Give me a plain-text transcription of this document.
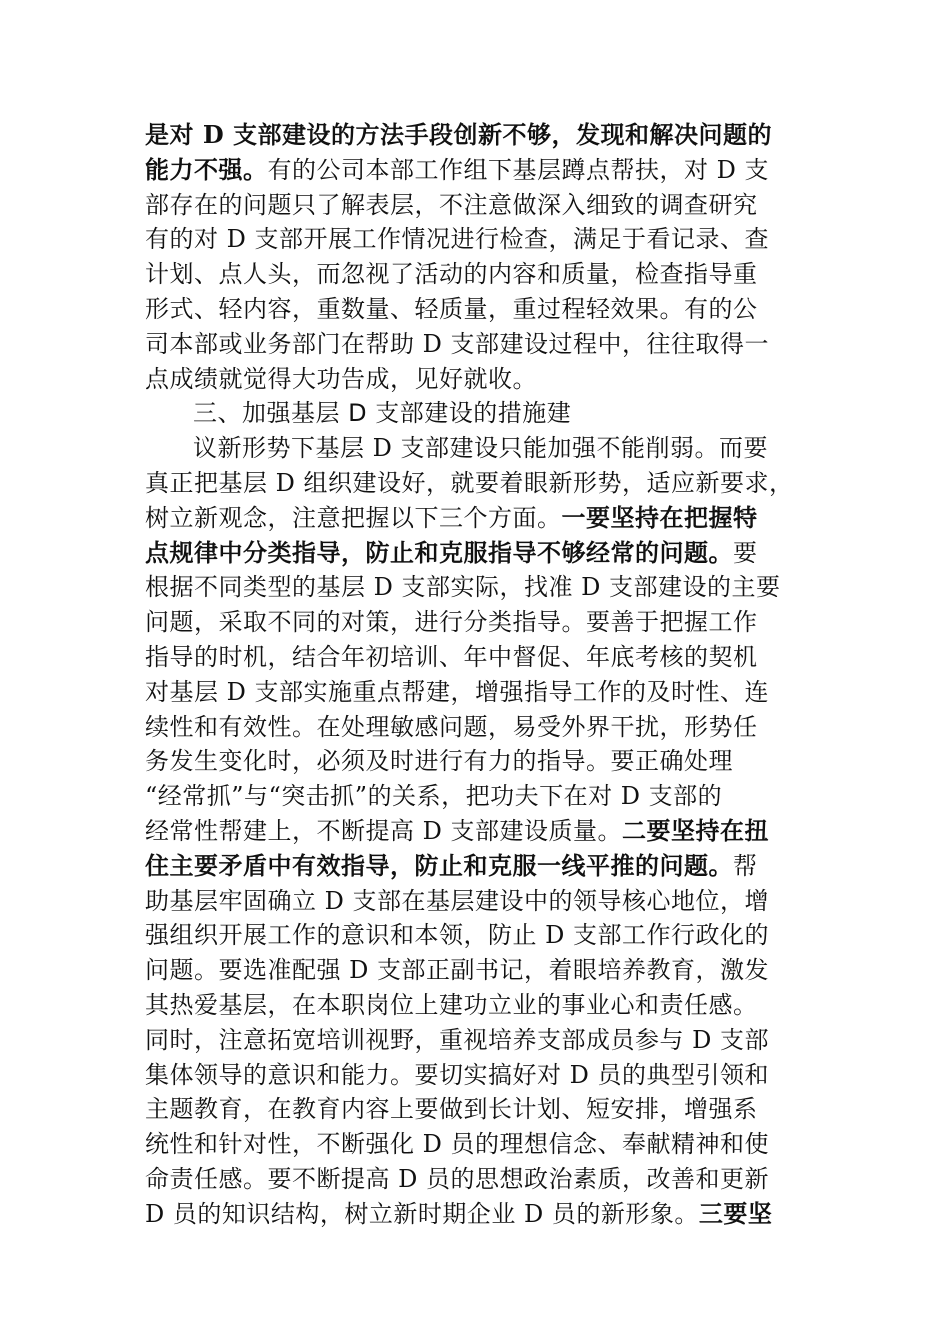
是对 D 支部建设的方法手段创新不够，发现和解决问题的
能力不强。有的公司本部工作组下基层蹲点帮扶，对 D 支
部存在的问题只了解表层，不注意做深入细致的调查研究
有的对 D 支部开展工作情况进行检查，满足于看记录、查
计划、点人头，而忽视了活动的内容和质量，检查指导重
形式、轻内容，重数量、轻质量，重过程轻效果。有的公
司本部或业务部门在帮助 D 支部建设过程中，往往取得一
点成绩就觉得大功告成，见好就收。
三、加强基层 D 支部建设的措施建
议新形势下基层 D 支部建设只能加强不能削弱。而要
真正把基层 D 组织建设好，就要着眼新形势，适应新要求，
树立新观念，注意把握以下三个方面。一要坚持在把握特
点规律中分类指导，防止和克服指导不够经常的问题。要
根据不同类型的基层 D 支部实际，找准 D 支部建设的主要
问题，采取不同的对策，进行分类指导。要善于把握工作
指导的时机，结合年初培训、年中督促、年底考核的契机
对基层 D 支部实施重点帮建，增强指导工作的及时性、连
续性和有效性。在处理敏感问题，易受外界干扰，形势任
务发生变化时，必须及时进行有力的指导。要正确处理
“经常抓”与“突击抓”的关系，把功夫下在对 D 支部的
经常性帮建上，不断提高 D 支部建设质量。二要坚持在扭
住主要矛盾中有效指导，防止和克服一线平推的问题。帮
助基层牢固确立 D 支部在基层建设中的领导核心地位，增
强组织开展工作的意识和本领，防止 D 支部工作行政化的
问题。要选准配强 D 支部正副书记，着眼培养教育，激发
其热爱基层，在本职岗位上建功立业的事业心和责任感。
同时，注意拓宽培训视野，重视培养支部成员参与 D 支部
集体领导的意识和能力。要切实搞好对 D 员的典型引领和
主题教育，在教育内容上要做到长计划、短安排，增强系
统性和针对性，不断强化 D 员的理想信念、奉献精神和使
命责任感。要不断提高 D 员的思想政治素质，改善和更新
D 员的知识结构，树立新时期企业 D 员的新形象。三要坚
